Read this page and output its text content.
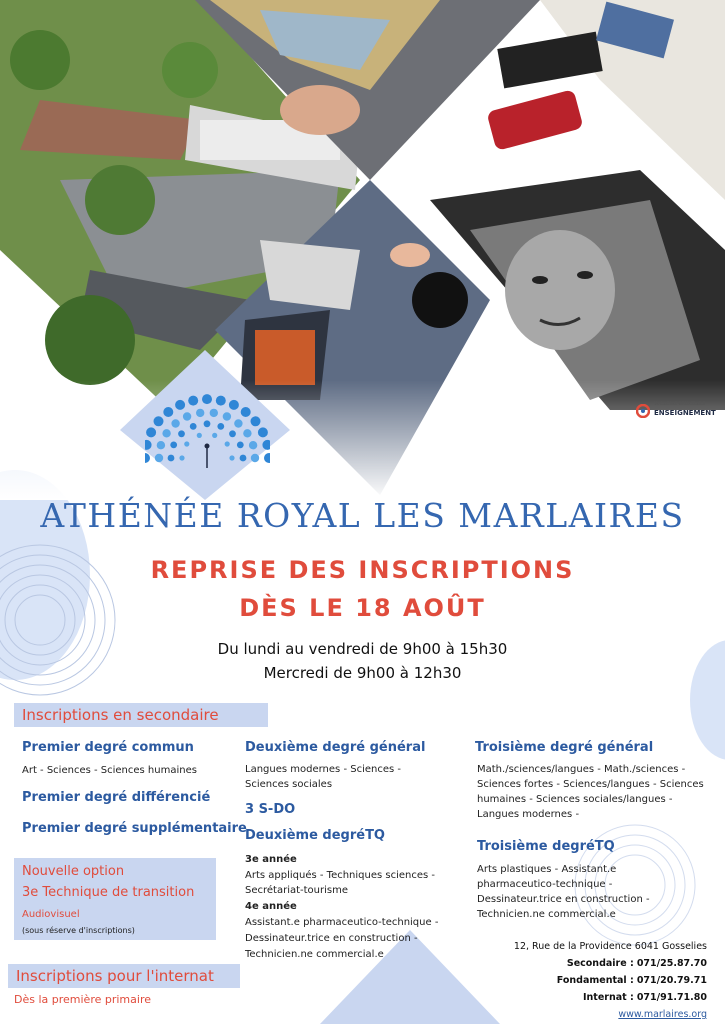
WALLONIE-BRUXELLES
ENSEIGNEMENT
ATHÉNÉE ROYAL LES MARLAIRES
REPRISE DES INSCRIPTIONS
DÈS LE 18 AOÛT
Du lundi au vendredi de 9h00 à 15h30
Mercredi de 9h00 à 12h30
Inscriptions en secondaire
Premier degré commun
Art - Sciences - Sciences humaines
Premier degré différencié
Premier degré supplémentaire
Nouvelle option
3e Technique de transition
Audiovisuel
(sous réserve d'inscriptions)
Deuxième degré général
Langues modernes - Sciences -
Sciences sociales
3 S-DO
Deuxième degréTQ
3e année
Arts appliqués - Techniques sciences -
Secrétariat-tourisme
4e année
Assistant.e pharmaceutico-technique -
Dessinateur.trice en construction -
Technicien.ne commercial.e
Troisième degré général
Math./sciences/langues - Math./sciences -
Sciences fortes - Sciences/langues - Sciences
humaines - Sciences sociales/langues -
Langues modernes -
Troisième degréTQ
Arts plastiques - Assistant.e
pharmaceutico-technique -
Dessinateur.trice en construction -
Technicien.ne commercial.e
Inscriptions pour l'internat
Dès la première primaire
12, Rue de la Providence 6041 Gosselies
Secondaire : 071/25.87.70
Fondamental : 071/20.79.71
Internat : 071/91.71.80
www.marlaires.org
